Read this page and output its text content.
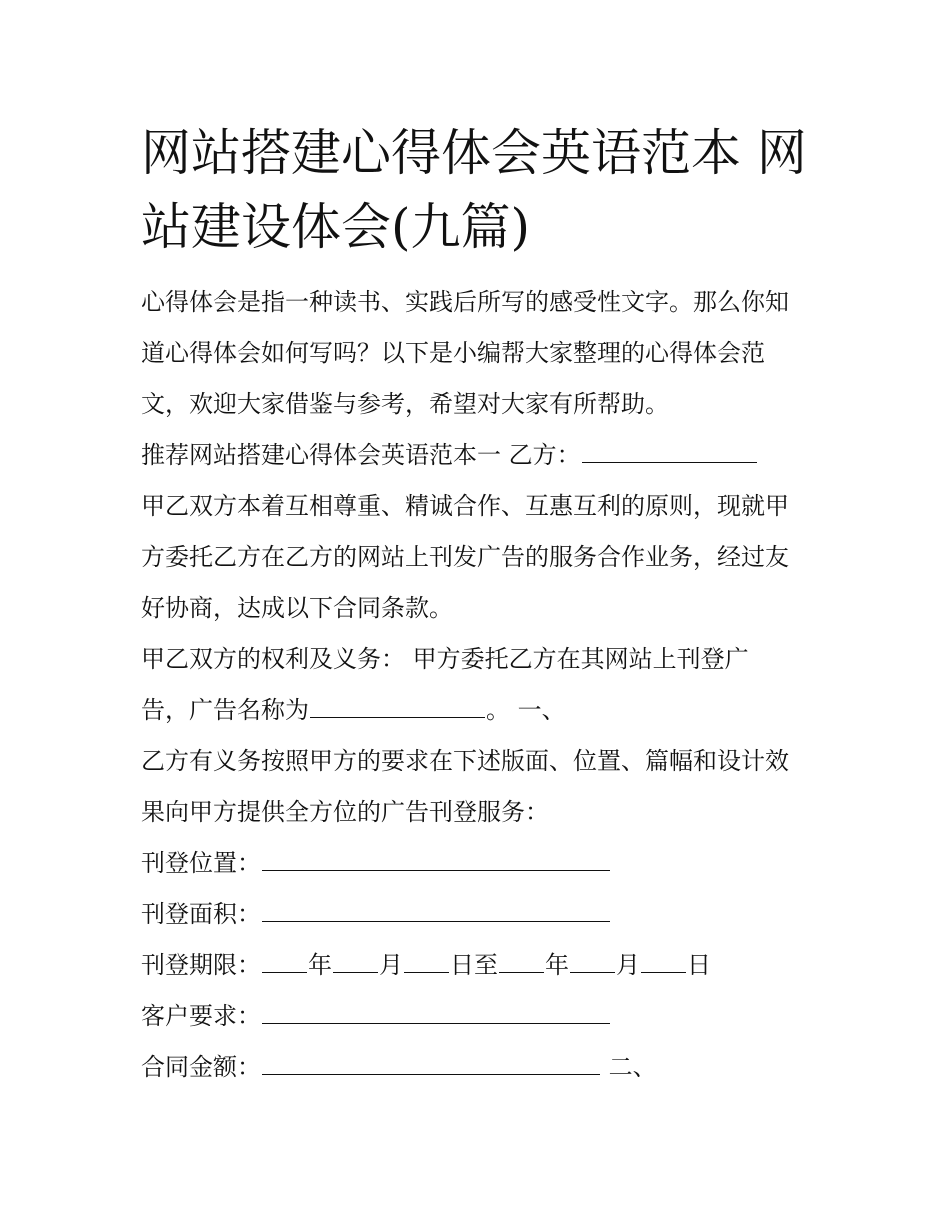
网站搭建心得体会英语范本 网站建设体会(九篇)
心得体会是指一种读书、实践后所写的感受性文字。那么你知
道心得体会如何写吗？以下是小编帮大家整理的心得体会范
文，欢迎大家借鉴与参考，希望对大家有所帮助。
推荐网站搭建心得体会英语范本一 乙方：
甲乙双方本着互相尊重、精诚合作、互惠互利的原则，现就甲
方委托乙方在乙方的网站上刊发广告的服务合作业务，经过友
好协商，达成以下合同条款。
甲乙双方的权利及义务： 甲方委托乙方在其网站上刊登广
告，广告名称为	。 一、
乙方有义务按照甲方的要求在下述版面、位置、篇幅和设计效
果向甲方提供全方位的广告刊登服务：
刊登位置：
刊登面积：
刊登期限： 年 月 日至 年 月 日
客户要求：
合同金额：	二、
